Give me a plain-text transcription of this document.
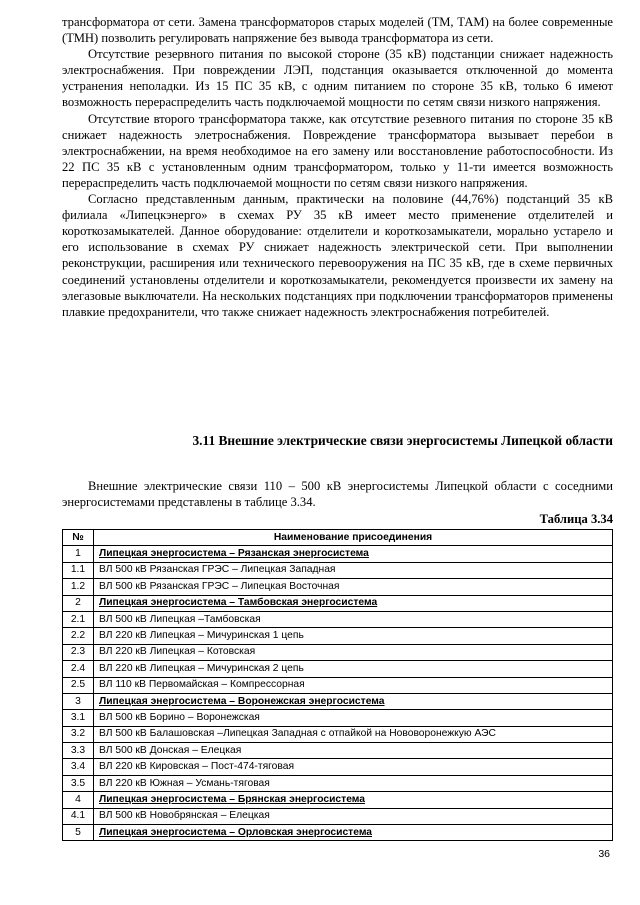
трансформатора от сети. Замена трансформаторов старых моделей (ТМ, ТАМ) на более современные (ТМН) позволить регулировать напряжение без вывода трансформатора из сети.

Отсутствие резервного питания по высокой стороне (35 кВ) подстанции снижает надежность электроснабжения. При повреждении ЛЭП, подстанция оказывается отключенной до момента устранения неполадки. Из 15 ПС 35 кВ, с одним питанием по стороне 35 кВ, только 6 имеют возможность перераспределить часть подключаемой мощности по сетям связи низкого напряжения.

Отсутствие второго трансформатора также, как отсутствие резевного питания по стороне 35 кВ снижает надежность элетроснабжения. Повреждение трансформатора вызывает перебои в электроснабжении, на время необходимое на его замену или восстановление работоспособности. Из 22 ПС 35 кВ с установленным одним трансформатором, только у 11-ти имеется возможность перераспределить часть подключаемой мощности по сетям связи низкого напряжения.

Согласно представленным данным, практически на половине (44,76%) подстанций 35 кВ филиала «Липецкэнерго» в схемах РУ 35 кВ имеет место применение отделителей и короткозамыкателей. Данное оборудование: отделители и короткозамыкатели, морально устарело и его использование в схемах РУ снижает надежность электрической сети. При выполнении реконструкции, расширения или технического перевооружения на ПС 35 кВ, где в схеме первичных соединений установлены отделители и короткозамыкатели, рекомендуется произвести их замену на элегазовые выключатели. На нескольких подстанциях при подключении трансформаторов применены плавкие предохранители, что также снижает надежность электроснабжения потребителей.

3.11 Внешние электрические связи энергосистемы Липецкой области

Внешние электрические связи 110 – 500 кВ энергосистемы Липецкой области с соседними энергосистемами представлены в таблице 3.34.

Таблица 3.34
№	Наименование присоединения
1	Липецкая энергосистема – Рязанская энергосистема
1.1	ВЛ 500 кВ Рязанская ГРЭС – Липецкая Западная
1.2	ВЛ 500 кВ Рязанская ГРЭС – Липецкая Восточная
2	Липецкая энергосистема – Тамбовская энергосистема
2.1	ВЛ 500 кВ Липецкая –Тамбовская
2.2	ВЛ 220 кВ Липецкая – Мичуринская 1 цепь
2.3	ВЛ 220 кВ Липецкая – Котовская
2.4	ВЛ 220 кВ Липецкая – Мичуринская 2 цепь
2.5	ВЛ 110 кВ Первомайская – Компрессорная
3	Липецкая энергосистема – Воронежская энергосистема
3.1	ВЛ 500 кВ Борино – Воронежская
3.2	ВЛ 500 кВ Балашовская –Липецкая Западная с отпайкой на Нововоронежкую АЭС
3.3	ВЛ 500 кВ Донская – Елецкая
3.4	ВЛ 220 кВ Кировская – Пост-474-тяговая
3.5	ВЛ 220 кВ Южная – Усмань-тяговая
4	Липецкая энергосистема – Брянская энергосистема
4.1	ВЛ 500 кВ Новобрянская – Елецкая
5	Липецкая энергосистема – Орловская энергосистема
36
